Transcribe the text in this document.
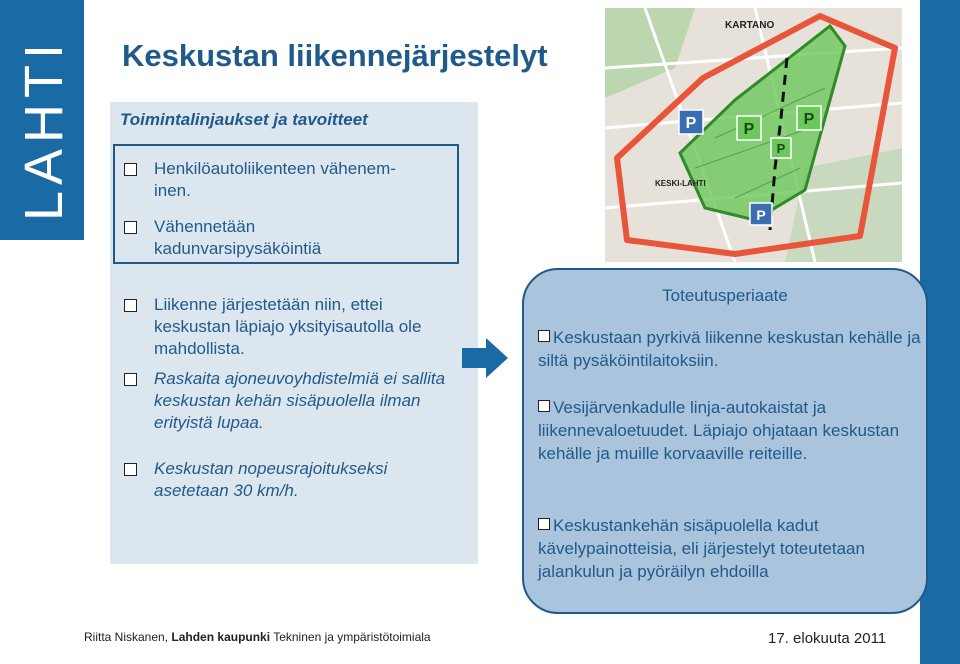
LAHTI Keskustan liikennejärjestelyt
Toimintalinjaukset ja tavoitteet
Henkilöautoliikenteen väheneminen.
Vähennetään kadunvarsipysäköintiä
Liikenne järjestetään niin, ettei keskustan läpiajo yksityisautolla ole mahdollista.
Raskaita ajoneuvoyhdistelmiä ei sallita keskustan kehän sisäpuolella ilman erityistä lupaa.
Keskustan nopeusrajoitukseksi asetetaan 30 km/h.
KARTANO
KESKI-LAHTI
P	P
P
P
P
Toteutusperiaate
Keskustaan pyrkivä liikenne keskustan kehälle ja siltä pysäköintilaitoksiin.
Vesijärvenkadulle linja-autokaistat ja liikennevaloetuudet. Läpiajo ohjataan keskustan kehälle ja muille korvaaville reiteille.
Keskustankehän sisäpuolella kadut kävelypainotteisia, eli järjestelyt toteutetaan jalankulun ja pyöräilyn ehdoilla
Riitta Niskanen, Lahden kaupunki Tekninen ja ympäristötoimiala	17. elokuuta 2011
